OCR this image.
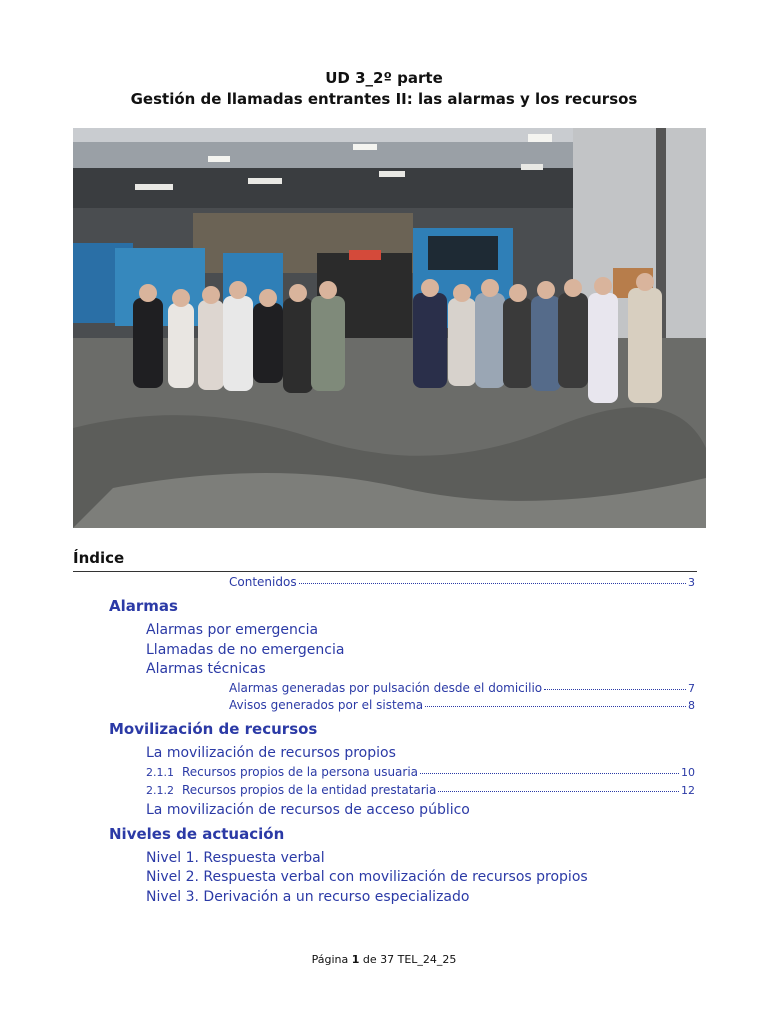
UD 3_2º parte
Gestión de llamadas entrantes II: las alarmas y los recursos
Índice
Contenidos	3
Alarmas
Alarmas por emergencia
Llamadas de no emergencia
Alarmas técnicas
Alarmas generadas por pulsación desde el domicilio	7
Avisos generados por el sistema	8
Movilización de recursos
La movilización de recursos propios
2.1.1 Recursos propios de la persona usuaria	10
2.1.2 Recursos propios de la entidad prestataria	12
La movilización de recursos de acceso público
Niveles de actuación
Nivel 1. Respuesta verbal
Nivel 2. Respuesta verbal con movilización de recursos propios
Nivel 3. Derivación a un recurso especializado
Página 1 de 37 TEL_24_25
